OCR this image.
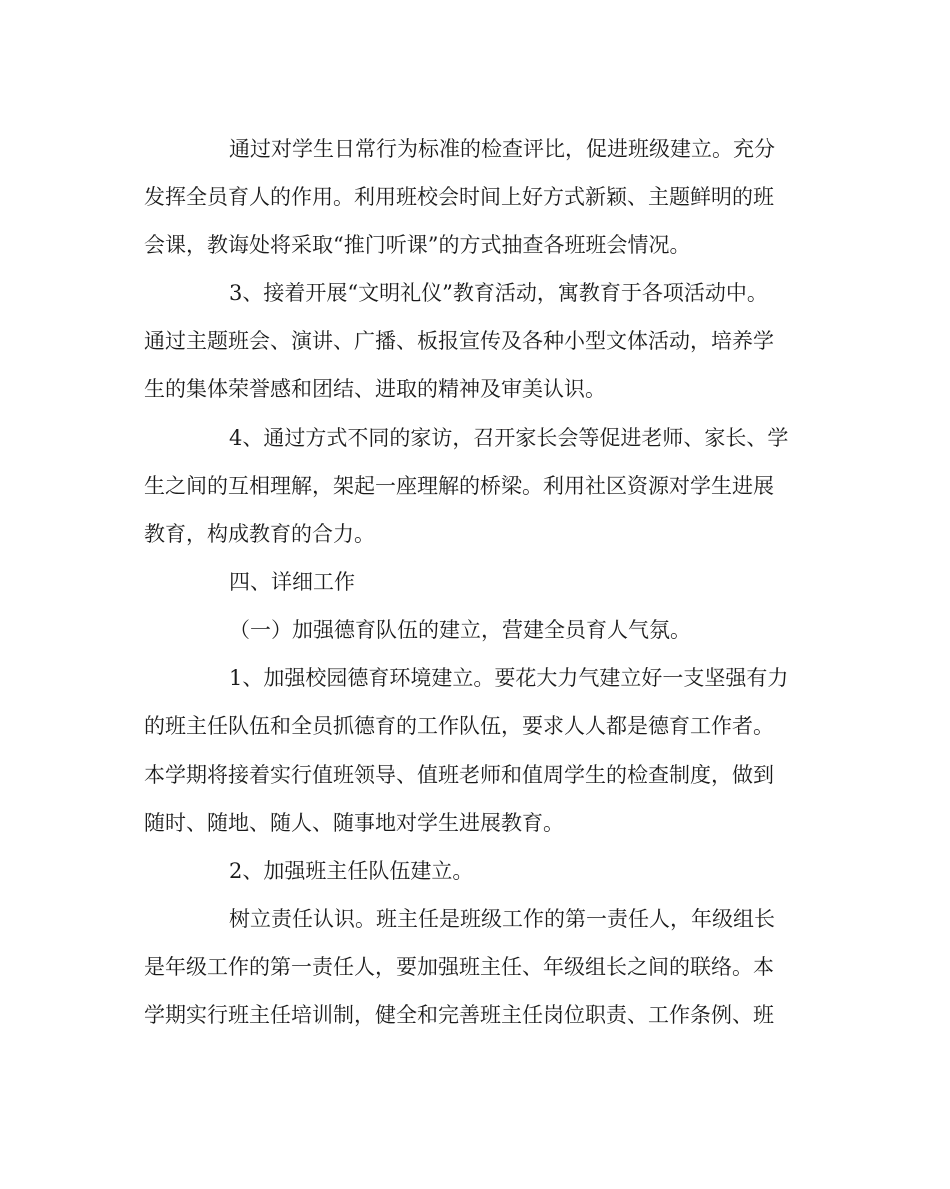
通过对学生日常行为标准的检查评比，促进班级建立。充分
发挥全员育人的作用。利用班校会时间上好方式新颖、主题鲜明的班
会课，教诲处将采取“推门听课”的方式抽查各班班会情况。
3、接着开展“文明礼仪”教育活动，寓教育于各项活动中。
通过主题班会、演讲、广播、板报宣传及各种小型文体活动，培养学
生的集体荣誉感和团结、进取的精神及审美认识。
4、通过方式不同的家访，召开家长会等促进老师、家长、学
生之间的互相理解，架起一座理解的桥梁。利用社区资源对学生进展
教育，构成教育的合力。
四、详细工作
（一）加强德育队伍的建立，营建全员育人气氛。
1、加强校园德育环境建立。要花大力气建立好一支坚强有力
的班主任队伍和全员抓德育的工作队伍，要求人人都是德育工作者。
本学期将接着实行值班领导、值班老师和值周学生的检查制度，做到
随时、随地、随人、随事地对学生进展教育。
2、加强班主任队伍建立。
树立责任认识。班主任是班级工作的第一责任人，年级组长
是年级工作的第一责任人，要加强班主任、年级组长之间的联络。本
学期实行班主任培训制，健全和完善班主任岗位职责、工作条例、班
